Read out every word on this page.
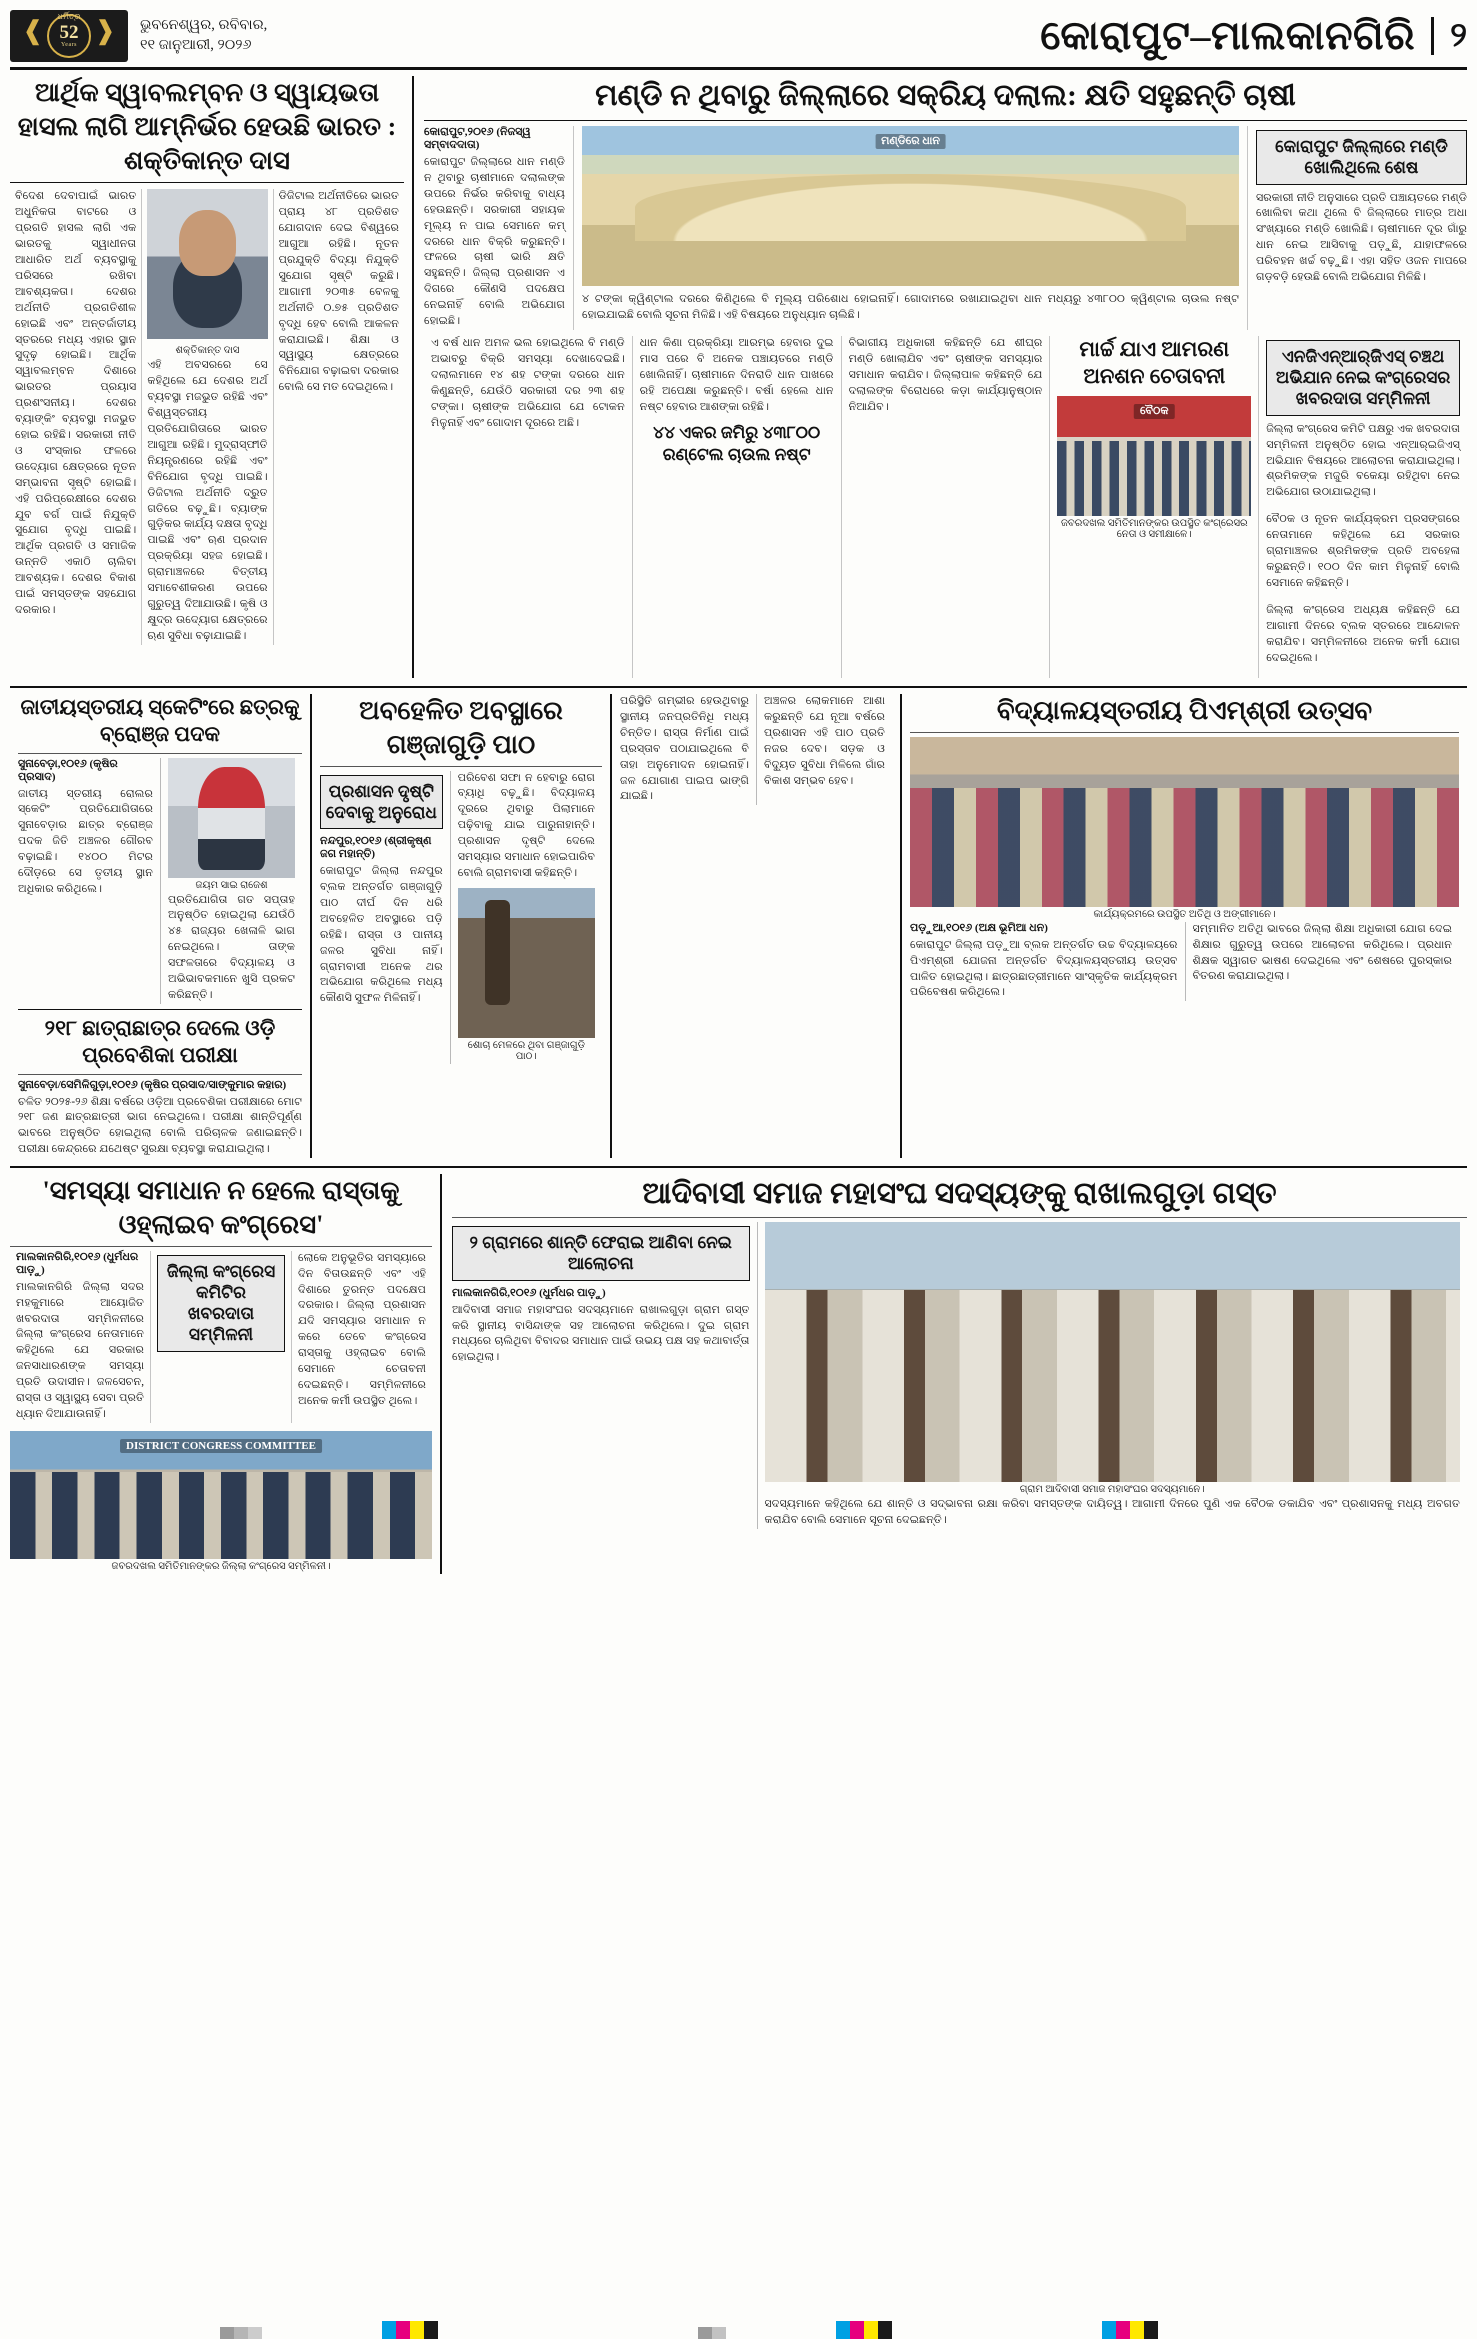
ଧର୍ମିତ୍ର
❰ ❱
52
Years
ଭୁବନେଶ୍ୱର, ରବିବାର,
୧୧ ଜାନୁଆରୀ, ୨୦୨୬	କୋରାପୁଟ–ମାଲକାନଗିରି	୨
ଆର୍ଥିକ ସ୍ୱାବଲମ୍ବନ ଓ ସ୍ୱାୟଭତା ହାସଲ ଲାଗି ଆମ୍ନିର୍ଭର ହେଉଛି ଭାରତ : ଶକ୍ତିକାନ୍ତ ଦାସ

ବିଦେଶ ଦେବାପାଇଁ ଭାରତ ଅଧୁନିକତା ବାଟରେ ଓ ପ୍ରଗତି ହାସଲ ଲାଗି ଏକ ଭାରତକୁ ସ୍ୱାଧୀନତା ଆଧାରିତ ଅର୍ଥ ବ୍ୟବସ୍ଥାକୁ ପରିସରେ ରଖିବା ଆବଶ୍ୟକତା। ଦେଶର ଅର୍ଥନୀତି ପ୍ରଗତିଶୀଳ ହୋଇଛି ଏବଂ ଅନ୍ତର୍ଜାତୀୟ ସ୍ତରରେ ମଧ୍ୟ ଏହାର ସ୍ଥାନ ସୁଦୃଢ଼ ହୋଇଛି। ଆର୍ଥିକ ସ୍ୱାବଲମ୍ବନ ଦିଶାରେ ଭାରତର ପ୍ରୟାସ ପ୍ରଶଂସନୀୟ। ଦେଶର ବ୍ୟାଙ୍କିଂ ବ୍ୟବସ୍ଥା ମଜଭୁତ ହୋଇ ରହିଛି। ସରକାରୀ ନୀତି ଓ ସଂସ୍କାର ଫଳରେ ଉଦ୍ୟୋଗ କ୍ଷେତ୍ରରେ ନୂତନ ସମ୍ଭାବନା ସୃଷ୍ଟି ହୋଇଛି। ଏହି ପରିପ୍ରେକ୍ଷୀରେ ଦେଶର ଯୁବ ବର୍ଗ ପାଇଁ ନିଯୁକ୍ତି ସୁଯୋଗ ବୃଦ୍ଧି ପାଇଛି। ଆର୍ଥିକ ପ୍ରଗତି ଓ ସମାଜିକ ଉନ୍ନତି ଏକାଠି ଚାଲିବା ଆବଶ୍ୟକ। ଦେଶର ବିକାଶ ପାଇଁ ସମସ୍ତଙ୍କ ସହଯୋଗ ଦରକାର।

ଶକ୍ତିକାନ୍ତ ଦାସ

ଏହି ଅବସରରେ ସେ କହିଥିଲେ ଯେ ଦେଶର ଅର୍ଥ ବ୍ୟବସ୍ଥା ମଜଭୁତ ରହିଛି ଏବଂ ବିଶ୍ୱସ୍ତରୀୟ ପ୍ରତିଯୋଗିତାରେ ଭାରତ ଆଗୁଆ ରହିଛି। ମୁଦ୍ରାସ୍ଫୀତି ନିୟନ୍ତ୍ରଣରେ ରହିଛି ଏବଂ ବିନିଯୋଗ ବୃଦ୍ଧି ପାଇଛି। ଡିଜିଟାଲ ଅର୍ଥନୀତି ଦ୍ରୁତ ଗତିରେ ବଢ଼ୁଛି। ବ୍ୟାଙ୍କ ଗୁଡ଼ିକର କାର୍ଯ୍ୟ ଦକ୍ଷତା ବୃଦ୍ଧି ପାଇଛି ଏବଂ ଋଣ ପ୍ରଦାନ ପ୍ରକ୍ରିୟା ସହଜ ହୋଇଛି। ଗ୍ରାମାଞ୍ଚଳରେ ବିତ୍ତୀୟ ସମାବେଶୀକରଣ ଉପରେ ଗୁରୁତ୍ୱ ଦିଆଯାଉଛି। କୃଷି ଓ କ୍ଷୁଦ୍ର ଉଦ୍ୟୋଗ କ୍ଷେତ୍ରରେ ଋଣ ସୁବିଧା ବଢ଼ାଯାଇଛି।

ଡିଜିଟାଲ ଅର୍ଥନୀତିରେ ଭାରତ ପ୍ରାୟ ୪୮ ପ୍ରତିଶତ ଯୋଗଦାନ ଦେଇ ବିଶ୍ୱରେ ଆଗୁଆ ରହିଛି। ନୂତନ ପ୍ରଯୁକ୍ତି ବିଦ୍ୟା ନିଯୁକ୍ତି ସୁଯୋଗ ସୃଷ୍ଟି କରୁଛି। ଆଗାମୀ ୨୦୩୫ ବେଳକୁ ଅର୍ଥନୀତି ୦.୭୫ ପ୍ରତିଶତ ବୃଦ୍ଧି ହେବ ବୋଲି ଆକଳନ କରାଯାଇଛି। ଶିକ୍ଷା ଓ ସ୍ୱାସ୍ଥ୍ୟ କ୍ଷେତ୍ରରେ ବିନିଯୋଗ ବଢ଼ାଇବା ଦରକାର ବୋଲି ସେ ମତ ଦେଇଥିଲେ।

ମଣ୍ଡି ନ ଥିବାରୁ ଜିଲ୍ଲାରେ ସକ୍ରିୟ ଦଲାଲ: କ୍ଷତି ସହୁଛନ୍ତି ଚାଷୀ
କୋରାପୁଟ,୨୦୧୬ (ନିଜସ୍ୱ ସମ୍ବାଦଦାତା)

କୋରାପୁଟ ଜିଲ୍ଲାରେ ଧାନ ମଣ୍ଡି ନ ଥିବାରୁ ଚାଷୀମାନେ ଦଲାଲଙ୍କ ଉପରେ ନିର୍ଭର କରିବାକୁ ବାଧ୍ୟ ହେଉଛନ୍ତି। ସରକାରୀ ସହାୟକ ମୂଲ୍ୟ ନ ପାଇ ସେମାନେ କମ୍ ଦରରେ ଧାନ ବିକ୍ରି କରୁଛନ୍ତି। ଫଳରେ ଚାଷୀ ଭାରି କ୍ଷତି ସହୁଛନ୍ତି। ଜିଲ୍ଲା ପ୍ରଶାସନ ଏ ଦିଗରେ କୌଣସି ପଦକ୍ଷେପ ନେଇନାହିଁ ବୋଲି ଅଭିଯୋଗ ହୋଇଛି।

ମଣ୍ଡିରେ ଧାନ

୪ ଟଙ୍କା କ୍ୱିଣ୍ଟାଲ ଦରରେ କିଣିଥିଲେ ବି ମୂଲ୍ୟ ପରିଶୋଧ ହୋଇନାହିଁ। ଗୋଦାମରେ ରଖାଯାଇଥିବା ଧାନ ମଧ୍ୟରୁ ୪୩୮୦୦ କ୍ୱିଣ୍ଟାଲ ଚାଉଲ ନଷ୍ଟ ହୋଇଯାଇଛି ବୋଲି ସୂଚନା ମିଳିଛି। ଏହି ବିଷୟରେ ଅନୁଧ୍ୟାନ ଚାଲିଛି।

କୋରାପୁଟ ଜିଲ୍ଲାରେ ମଣ୍ଡି ଖୋଲିଥିଲେ ଶେଷ

ସରକାରୀ ନୀତି ଅନୁସାରେ ପ୍ରତି ପଞ୍ଚାୟତରେ ମଣ୍ଡି ଖୋଲିବା କଥା ଥିଲେ ବି ଜିଲ୍ଲାରେ ମାତ୍ର ଅଧା ସଂଖ୍ୟାରେ ମଣ୍ଡି ଖୋଲିଛି। ଚାଷୀମାନେ ଦୂର ଗାଁରୁ ଧାନ ନେଇ ଆସିବାକୁ ପଡ଼ୁଛି, ଯାହାଫଳରେ ପରିବହନ ଖର୍ଚ୍ଚ ବଢ଼ୁଛି। ଏହା ସହିତ ଓଜନ ମାପରେ ଗଡ଼ବଡ଼ି ହେଉଛି ବୋଲି ଅଭିଯୋଗ ମିଳିଛି।

ଏ ବର୍ଷ ଧାନ ଅମଳ ଭଲ ହୋଇଥିଲେ ବି ମଣ୍ଡି ଅଭାବରୁ ବିକ୍ରି ସମସ୍ୟା ଦେଖାଦେଇଛି। ଦଲାଲମାନେ ୧୪ ଶହ ଟଙ୍କା ଦରରେ ଧାନ କିଣୁଛନ୍ତି, ଯେଉଁଠି ସରକାରୀ ଦର ୨୩ ଶହ ଟଙ୍କା। ଚାଷୀଙ୍କ ଅଭିଯୋଗ ଯେ ଟୋକନ ମିଳୁନାହିଁ ଏବଂ ଗୋଦାମ ଦୂରରେ ଅଛି।

ଧାନ କିଣା ପ୍ରକ୍ରିୟା ଆରମ୍ଭ ହେବାର ଦୁଇ ମାସ ପରେ ବି ଅନେକ ପଞ୍ଚାୟତରେ ମଣ୍ଡି ଖୋଲିନାହିଁ। ଚାଷୀମାନେ ଦିନରାତି ଧାନ ପାଖରେ ରହି ଅପେକ୍ଷା କରୁଛନ୍ତି। ବର୍ଷା ହେଲେ ଧାନ ନଷ୍ଟ ହେବାର ଆଶଙ୍କା ରହିଛି।

୪୪ ଏକର ଜମିରୁ ୪୩୮୦୦
ରଣ୍ଟେଲ ଚାଉଲ ନଷ୍ଟ

ବିଭାଗୀୟ ଅଧିକାରୀ କହିଛନ୍ତି ଯେ ଶୀଘ୍ର ମଣ୍ଡି ଖୋଲାଯିବ ଏବଂ ଚାଷୀଙ୍କ ସମସ୍ୟାର ସମାଧାନ କରାଯିବ। ଜିଲ୍ଲାପାଳ କହିଛନ୍ତି ଯେ ଦଲାଲଙ୍କ ବିରୋଧରେ କଡ଼ା କାର୍ଯ୍ୟାନୁଷ୍ଠାନ ନିଆଯିବ।

ମାର୍ଚ୍ଚ ଯାଏ ଆମରଣ ଅନଶନ ଚେତାବନୀ
ବୈଠକ
ଜବରଦଖଲ ସମିତିମାନଙ୍କର ଉପସ୍ଥିତ କଂଗ୍ରେସର ନେତା ଓ ସମୀକ୍ଷାଳେ।
ଏନଜିଏନ୍‌ଆର୍‌ଜିଏସ୍‌ ଚଞ୍ଚଥ ଅଭିଯାନ ନେଇ କଂଗ୍ରେସର ଖବରଦାତା ସମ୍ମିଳନୀ

ଜିଲ୍ଲା କଂଗ୍ରେସ କମିଟି ପକ୍ଷରୁ ଏକ ଖବରଦାତା ସମ୍ମିଳନୀ ଅନୁଷ୍ଠିତ ହୋଇ ଏନ୍‌ଆର୍‌ଇଜିଏସ୍ ଅଭିଯାନ ବିଷୟରେ ଆଲୋଚନା କରାଯାଇଥିଲା। ଶ୍ରମିକଙ୍କ ମଜୁରି ବକେୟା ରହିଥିବା ନେଇ ଅଭିଯୋଗ ଉଠାଯାଇଥିଲା।

ବୈଠକ ଓ ନୂତନ କାର୍ଯ୍ୟକ୍ରମ ପ୍ରସଙ୍ଗରେ ନେତାମାନେ କହିଥିଲେ ଯେ ସରକାର ଗ୍ରାମାଞ୍ଚଳର ଶ୍ରମିକଙ୍କ ପ୍ରତି ଅବହେଳା କରୁଛନ୍ତି। ୧୦୦ ଦିନ କାମ ମିଳୁନାହିଁ ବୋଲି ସେମାନେ କହିଛନ୍ତି।

ଜିଲ୍ଲା କଂଗ୍ରେସ ଅଧ୍ୟକ୍ଷ କହିଛନ୍ତି ଯେ ଆଗାମୀ ଦିନରେ ବ୍ଲକ ସ୍ତରରେ ଆନ୍ଦୋଳନ କରାଯିବ। ସମ୍ମିଳନୀରେ ଅନେକ କର୍ମୀ ଯୋଗ ଦେଇଥିଲେ।

ଜାତୀୟସ୍ତରୀୟ ସ୍କେଟିଂରେ ଛତ୍ରକୁ ବ୍ରୋଞ୍ଜ ପଦକ
ସୁନାବେଡ଼ା,୧୦୧୬ (କୃଷିର ପ୍ରସାଦ)

ଜାତୀୟ ସ୍ତରୀୟ ରୋଲର ସ୍କେଟିଂ ପ୍ରତିଯୋଗିତାରେ ସୁନାବେଡ଼ାର ଛାତ୍ର ବ୍ରୋଞ୍ଜ ପଦକ ଜିତି ଅଞ୍ଚଳର ଗୌରବ ବଢ଼ାଇଛି। ୧୪୦୦ ମିଟର ଦୌଡ଼ରେ ସେ ତୃତୀୟ ସ୍ଥାନ ଅଧିକାର କରିଥିଲେ।	ଜୟମ ସାଇ ରାଜେଶ

ପ୍ରତିଯୋଗିତା ଗତ ସପ୍ତାହ ଅନୁଷ୍ଠିତ ହୋଇଥିଲା ଯେଉଁଠି ୪୫ ରାଜ୍ୟର ଖେଳାଳି ଭାଗ ନେଇଥିଲେ। ତାଙ୍କ ସଫଳତାରେ ବିଦ୍ୟାଳୟ ଓ ଅଭିଭାବକମାନେ ଖୁସି ପ୍ରକଟ କରିଛନ୍ତି।

୨୧୮ ଛାତ୍ରାଛାତ୍ର ଦେଲେ ଓଡ଼ି ପ୍ରବେଶିକା ପରୀକ୍ଷା
ସୁନାବେଡ଼ା/ସେମିଳିଗୁଡ଼ା,୧୦୧୬ (କୃଷିର ପ୍ରସାଦ/ସାଙ୍କୁମାର କହାର)

ଚଳିତ ୨୦୨୫-୨୬ ଶିକ୍ଷା ବର୍ଷରେ ଓଡ଼ିଆ ପ୍ରବେଶିକା ପରୀକ୍ଷାରେ ମୋଟ ୨୧୮ ଜଣ ଛାତ୍ରଛାତ୍ରୀ ଭାଗ ନେଇଥିଲେ। ପରୀକ୍ଷା ଶାନ୍ତିପୂର୍ଣ୍ଣ ଭାବରେ ଅନୁଷ୍ଠିତ ହୋଇଥିଲା ବୋଲି ପରିଚାଳକ ଜଣାଇଛନ୍ତି। ପରୀକ୍ଷା କେନ୍ଦ୍ରରେ ଯଥେଷ୍ଟ ସୁରକ୍ଷା ବ୍ୟବସ୍ଥା କରାଯାଇଥିଲା।

ଅବହେଳିତ ଅବସ୍ଥାରେ ଗଞ୍ଜାଗୁଡ଼ି ପାଠ
ପ୍ରଶାସନ ଦୃଷ୍ଟି ଦେବାକୁ ଅନୁରୋଧ
ନନ୍ଦପୁର,୧୦୧୬ (ଶ୍ରୀକୃଷ୍ଣ ଜଗ ମହାନ୍ତି)

କୋରାପୁଟ ଜିଲ୍ଲା ନନ୍ଦପୁର ବ୍ଲକ ଅନ୍ତର୍ଗତ ଗଞ୍ଜାଗୁଡ଼ି ପାଠ ଦୀର୍ଘ ଦିନ ଧରି ଅବହେଳିତ ଅବସ୍ଥାରେ ପଡ଼ି ରହିଛି। ରାସ୍ତା ଓ ପାନୀୟ ଜଳର ସୁବିଧା ନାହିଁ। ଗ୍ରାମବାସୀ ଅନେକ ଥର ଅଭିଯୋଗ କରିଥିଲେ ମଧ୍ୟ କୌଣସି ସୁଫଳ ମିଳିନାହିଁ।

ପରିବେଶ ସଫା ନ ହେବାରୁ ରୋଗ ବ୍ୟାଧି ବଢ଼ୁଛି। ବିଦ୍ୟାଳୟ ଦୂରରେ ଥିବାରୁ ପିଲାମାନେ ପଢ଼ିବାକୁ ଯାଇ ପାରୁନାହାନ୍ତି। ପ୍ରଶାସନ ଦୃଷ୍ଟି ଦେଲେ ସମସ୍ୟାର ସମାଧାନ ହୋଇପାରିବ ବୋଲି ଗ୍ରାମବାସୀ କହିଛନ୍ତି।

ଶୋଚା ମେଳରେ ଥିବା ଗଞ୍ଜାଗୁଡ଼ି ପାଠ।

ପରିସ୍ଥିତି ଗମ୍ଭୀର ହେଉଥିବାରୁ ସ୍ଥାନୀୟ ଜନପ୍ରତିନିଧି ମଧ୍ୟ ଚିନ୍ତିତ। ରାସ୍ତା ନିର୍ମାଣ ପାଇଁ ପ୍ରସ୍ତାବ ପଠାଯାଇଥିଲେ ବି ତାହା ଅନୁମୋଦନ ହୋଇନାହିଁ। ଜଳ ଯୋଗାଣ ପାଇପ ଭାଙ୍ଗି ଯାଇଛି।

ଅଞ୍ଚଳର ଲୋକମାନେ ଆଶା କରୁଛନ୍ତି ଯେ ନୂଆ ବର୍ଷରେ ପ୍ରଶାସନ ଏହି ପାଠ ପ୍ରତି ନଜର ଦେବ। ସଡ଼କ ଓ ବିଦ୍ୟୁତ ସୁବିଧା ମିଳିଲେ ଗାଁର ବିକାଶ ସମ୍ଭବ ହେବ।

ବିଦ୍ୟାଳୟସ୍ତରୀୟ ପିଏମ୍‌ଶ୍ରୀ ଉତ୍ସବ
କାର୍ଯ୍ୟକ୍ରମରେ ଉପସ୍ଥିତ ଅତିଥି ଓ ଅଙ୍ଗୀମାନେ।
ପଡ଼ୁଆ,୧୦୧୬ (ଅକ୍ଷ ଭୂମିଆ ଧନ)

କୋରାପୁଟ ଜିଲ୍ଲା ପଡ଼ୁଆ ବ୍ଲକ ଅନ୍ତର୍ଗତ ଉଚ୍ଚ ବିଦ୍ୟାଳୟରେ ପିଏମ୍‌ଶ୍ରୀ ଯୋଜନା ଅନ୍ତର୍ଗତ ବିଦ୍ୟାଳୟସ୍ତରୀୟ ଉତ୍ସବ ପାଳିତ ହୋଇଥିଲା। ଛାତ୍ରଛାତ୍ରୀମାନେ ସାଂସ୍କୃତିକ କାର୍ଯ୍ୟକ୍ରମ ପରିବେଷଣ କରିଥିଲେ।

ସମ୍ମାନିତ ଅତିଥି ଭାବରେ ଜିଲ୍ଲା ଶିକ୍ଷା ଅଧିକାରୀ ଯୋଗ ଦେଇ ଶିକ୍ଷାର ଗୁରୁତ୍ୱ ଉପରେ ଆଲୋଚନା କରିଥିଲେ। ପ୍ରଧାନ ଶିକ୍ଷକ ସ୍ୱାଗତ ଭାଷଣ ଦେଇଥିଲେ ଏବଂ ଶେଷରେ ପୁରସ୍କାର ବିତରଣ କରାଯାଇଥିଲା।

'ସମସ୍ୟା ସମାଧାନ ନ ହେଲେ ରାସ୍ତାକୁ ଓହ୍ଲାଇବ କଂଗ୍ରେସ'
ମାଲକାନଗିରି,୧୦୧୬ (ଧୁର୍ମଧର ପାଡ଼ୁ)

ମାଲକାନଗିରି ଜିଲ୍ଲା ସଦର ମହକୁମାରେ ଆୟୋଜିତ ଖବରଦାତା ସମ୍ମିଳନୀରେ ଜିଲ୍ଲା କଂଗ୍ରେସ ନେତାମାନେ କହିଥିଲେ ଯେ ସରକାର ଜନସାଧାରଣଙ୍କ ସମସ୍ୟା ପ୍ରତି ଉଦାସୀନ। ଜଳସେଚନ, ରାସ୍ତା ଓ ସ୍ୱାସ୍ଥ୍ୟ ସେବା ପ୍ରତି ଧ୍ୟାନ ଦିଆଯାଉନାହିଁ।

ଜିଲ୍ଲା କଂଗ୍ରେସ କମିଟିର ଖବରଦାତା ସମ୍ମିଳନୀ

ଲୋକେ ଅନୁଭୂତିର ସମସ୍ୟାରେ ଦିନ ବିତାଉଛନ୍ତି ଏବଂ ଏହି ଦିଶାରେ ତୁରନ୍ତ ପଦକ୍ଷେପ ଦରକାର। ଜିଲ୍ଲା ପ୍ରଶାସନ ଯଦି ସମସ୍ୟାର ସମାଧାନ ନ କରେ ତେବେ କଂଗ୍ରେସ ରାସ୍ତାକୁ ଓହ୍ଲାଇବ ବୋଲି ସେମାନେ ଚେତାବନୀ ଦେଇଛନ୍ତି। ସମ୍ମିଳନୀରେ ଅନେକ କର୍ମୀ ଉପସ୍ଥିତ ଥିଲେ।

DISTRICT CONGRESS COMMITTEE
ଜବରଦଖଲ ସମିତିମାନଙ୍କର ଜିଲ୍ଲା କଂଗ୍ରେସ ସମ୍ମିଳନୀ।
ଆଦିବାସୀ ସମାଜ ମହାସଂଘ ସଦସ୍ୟଙ୍କୁ ରାଖାଲଗୁଡ଼ା ଗସ୍ତ
୨ ଗ୍ରାମରେ ଶାନ୍ତି ଫେରାଇ ଆଣିବା ନେଇ ଆଲୋଚନା
ମାଲକାନଗିରି,୧୦୧୬ (ଧୁର୍ମଧର ପାଡ଼ୁ)

ଆଦିବାସୀ ସମାଜ ମହାସଂଘର ସଦସ୍ୟମାନେ ରାଖାଲଗୁଡ଼ା ଗ୍ରାମ ଗସ୍ତ କରି ସ୍ଥାନୀୟ ବାସିନ୍ଦାଙ୍କ ସହ ଆଲୋଚନା କରିଥିଲେ। ଦୁଇ ଗ୍ରାମ ମଧ୍ୟରେ ଚାଲିଥିବା ବିବାଦର ସମାଧାନ ପାଇଁ ଉଭୟ ପକ୍ଷ ସହ କଥାବାର୍ତ୍ତା ହୋଇଥିଲା।

ଗ୍ରାମ ଆଦିବାସୀ ସମାଜ ମହାସଂଘର ସଦସ୍ୟମାନେ।

ସଦସ୍ୟମାନେ କହିଥିଲେ ଯେ ଶାନ୍ତି ଓ ସଦ୍ଭାବନା ରକ୍ଷା କରିବା ସମସ୍ତଙ୍କ ଦାୟିତ୍ୱ। ଆଗାମୀ ଦିନରେ ପୁଣି ଏକ ବୈଠକ ଡକାଯିବ ଏବଂ ପ୍ରଶାସନକୁ ମଧ୍ୟ ଅବଗତ କରାଯିବ ବୋଲି ସେମାନେ ସୂଚନା ଦେଇଛନ୍ତି।
